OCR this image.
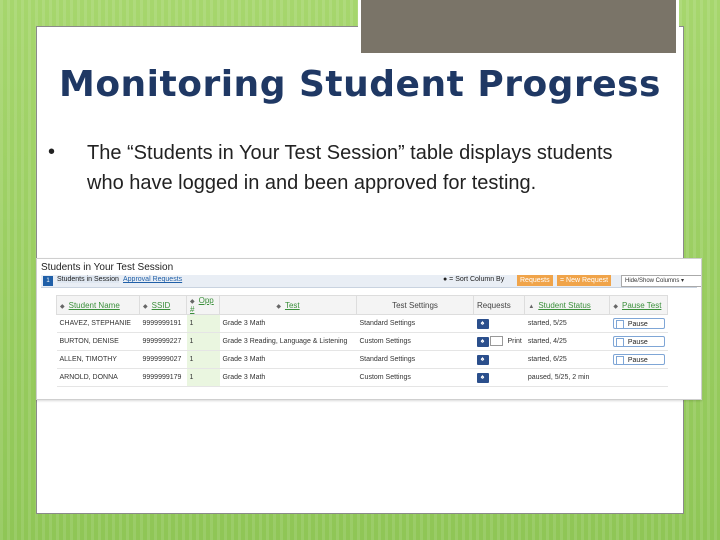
Monitoring Student Progress
• The “Students in Your Test Session” table displays students who have logged in and been approved for testing.
Students in Your Test Session
1	Students in Session Approval Requests	● = Sort Column By	Requests	= New Request	Hide/Show Columns ▾
◆ Student Name	◆ SSID	◆ Opp #	◆ Test	Test Settings	Requests	▲ Student Status	◆ Pause Test
CHAVEZ, STEPHANIE	9999999191	1	Grade 3 Math	Standard Settings	♠	started, 5/25	Pause
BURTON, DENISE	9999999227	1	Grade 3 Reading, Language & Listening	Custom Settings	♠ Print	started, 4/25	Pause
ALLEN, TIMOTHY	9999999027	1	Grade 3 Math	Standard Settings	♠	started, 6/25	Pause
ARNOLD, DONNA	9999999179	1	Grade 3 Math	Custom Settings	♠	paused, 5/25, 2 min	
